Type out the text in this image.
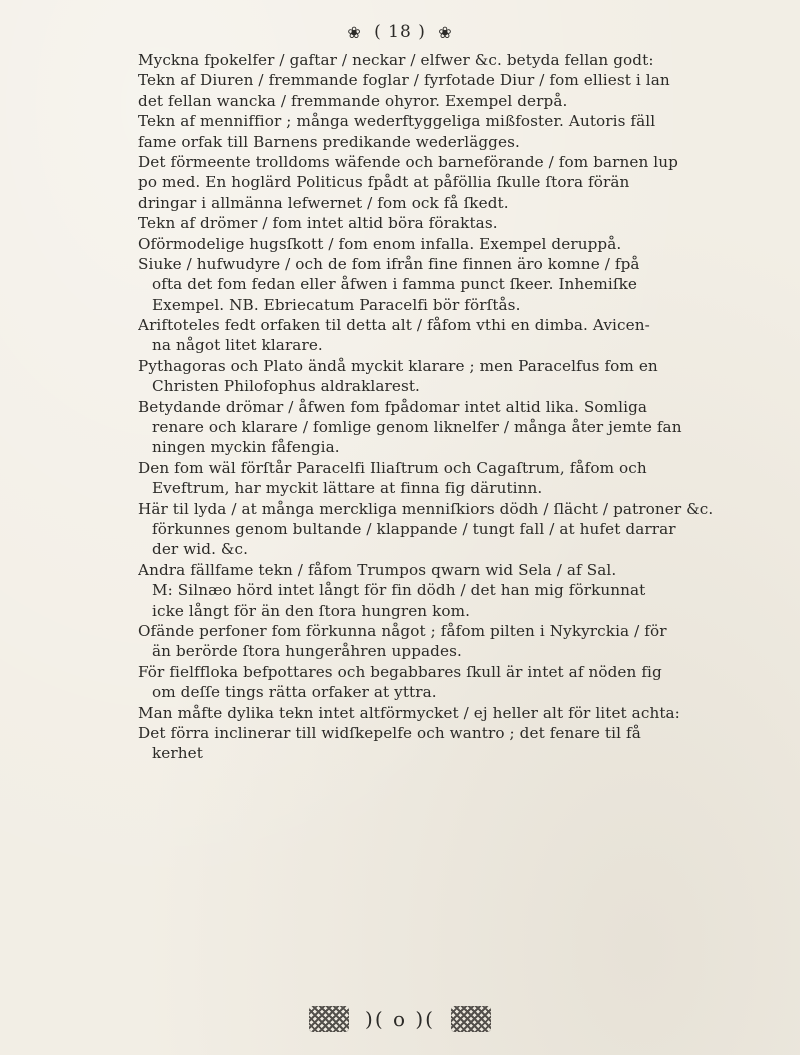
❀ ( 18 ) ❀
Myckna fpokelfer / gaftar / neckar / elfwer &c. betyda fellan godt:
Tekn af Diuren / fremmande foglar / fyrfotade Diur / fom elliest i lan
det fellan wancka / fremmande ohyror. Exempel derpå.
Tekn af menniffior ; många wederftyggeliga mißfoster. Autoris fäll
fame orfak till Barnens predikande wederlägges.
Det förmeente trolldoms wäfende och barneförande / fom barnen lup
po med. En hoglärd Politicus fpådt at påföllia ſkulle ſtora förän
dringar i allmänna lefwernet / fom ock få ſkedt.
Tekn af drömer / fom intet altid böra föraktas.
Oförmodelige hugsſkott / fom enom infalla. Exempel deruppå.
Siuke / hufwudyre / och de fom ifrån fine finnen äro komne / fpå
ofta det fom fedan eller åfwen i famma punct ſkeer. Inhemiſke
Exempel. NB. Ebriecatum Paracelfi bör förſtås.
Ariftoteles fedt orfaken til detta alt / fåfom vthi en dimba. Avicen-
na något litet klarare.
Pythagoras och Plato ändå myckit klarare ; men Paracelfus fom en
Christen Philofophus aldraklarest.
Betydande drömar / åfwen fom fpådomar intet altid lika. Somliga
renare och klarare / fomlige genom liknelfer / många åter jemte fan
ningen myckin fåfengia.
Den fom wäl förſtår Paracelfi Iliaſtrum och Cagaſtrum, fåfom och
Eveftrum, har myckit lättare at finna fig därutinn.
Här til lyda / at många merckliga menniſkiors dödh / ſlächt / patroner &c.
förkunnes genom bultande / klappande / tungt fall / at hufet darrar
der wid. &c.
Andra fällfame tekn / fåfom Trumpos qwarn wid Sela / af Sal.
M: Silnæo hörd intet långt för fin dödh / det han mig förkunnat
icke långt för än den ſtora hungren kom.
Ofände perfoner fom förkunna något ; fåfom pilten i Nykyrckia / för
än berörde ſtora hungeråhren uppades.
För fielffloka befpottares och begabbares ſkull är intet af nöden fig
om deſſe tings rätta orfaker at yttra.
Man måfte dylika tekn intet altförmycket / ej heller alt för litet achta:
Det förra inclinerar till widſkepelfe och wantro ; det fenare til få
kerhet
)( o )(
